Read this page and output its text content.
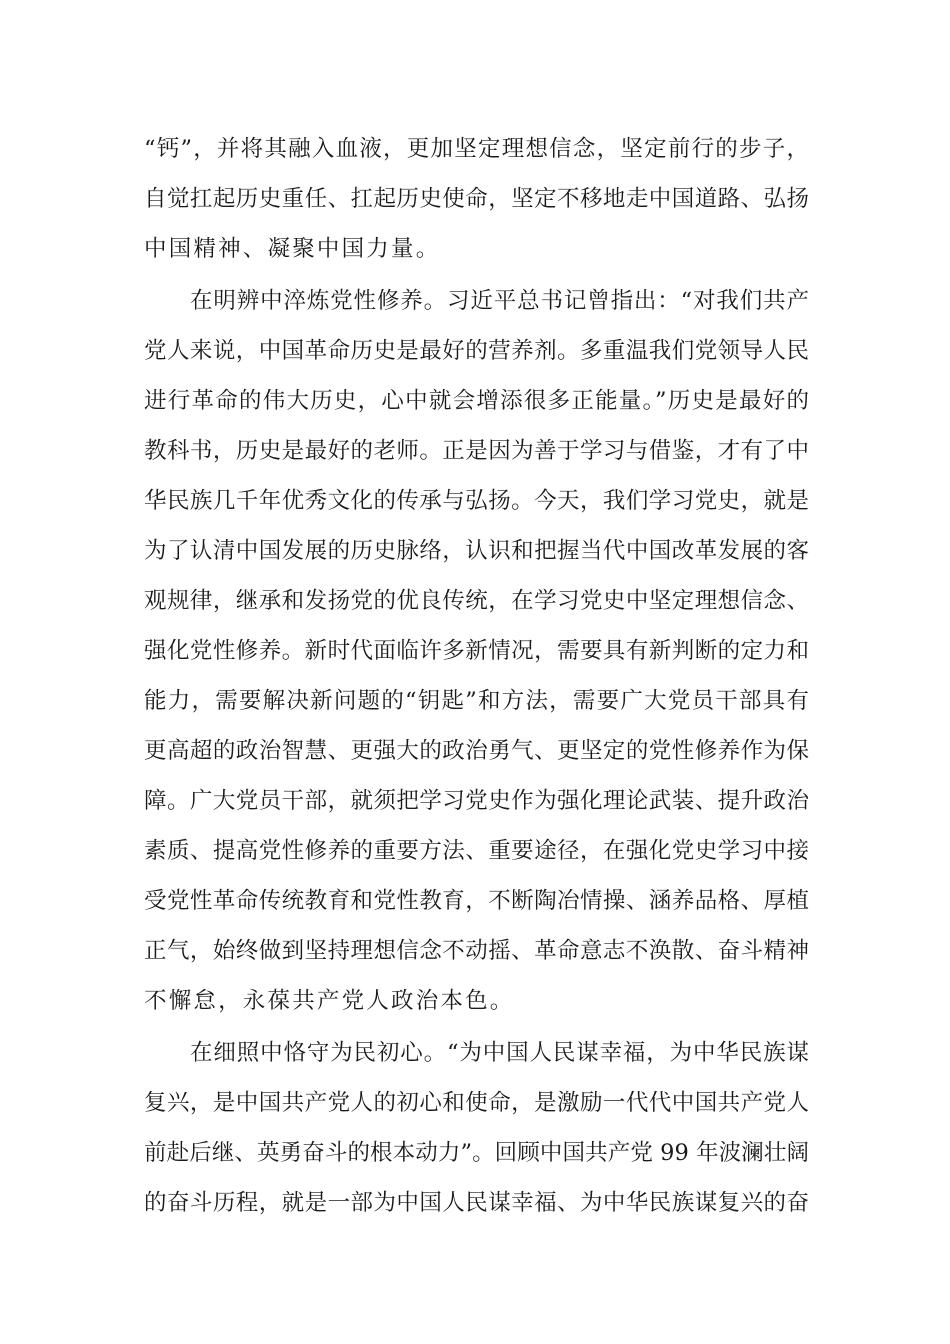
“钙”，并将其融入血液，更加坚定理想信念，坚定前行的步子，
自觉扛起历史重任、扛起历史使命，坚定不移地走中国道路、弘扬
中国精神、凝聚中国力量。
在明辨中淬炼党性修养。习近平总书记曾指出：“对我们共产
党人来说，中国革命历史是最好的营养剂。多重温我们党领导人民
进行革命的伟大历史，心中就会增添很多正能量。”历史是最好的
教科书，历史是最好的老师。正是因为善于学习与借鉴，才有了中
华民族几千年优秀文化的传承与弘扬。今天，我们学习党史，就是
为了认清中国发展的历史脉络，认识和把握当代中国改革发展的客
观规律，继承和发扬党的优良传统，在学习党史中坚定理想信念、
强化党性修养。新时代面临许多新情况，需要具有新判断的定力和
能力，需要解决新问题的“钥匙”和方法，需要广大党员干部具有
更高超的政治智慧、更强大的政治勇气、更坚定的党性修养作为保
障。广大党员干部，就须把学习党史作为强化理论武装、提升政治
素质、提高党性修养的重要方法、重要途径，在强化党史学习中接
受党性革命传统教育和党性教育，不断陶冶情操、涵养品格、厚植
正气，始终做到坚持理想信念不动摇、革命意志不涣散、奋斗精神
不懈怠，永葆共产党人政治本色。
在细照中恪守为民初心。“为中国人民谋幸福，为中华民族谋
复兴，是中国共产党人的初心和使命，是激励一代代中国共产党人
前赴后继、英勇奋斗的根本动力”。回顾中国共产党 99 年波澜壮阔
的奋斗历程，就是一部为中国人民谋幸福、为中华民族谋复兴的奋
